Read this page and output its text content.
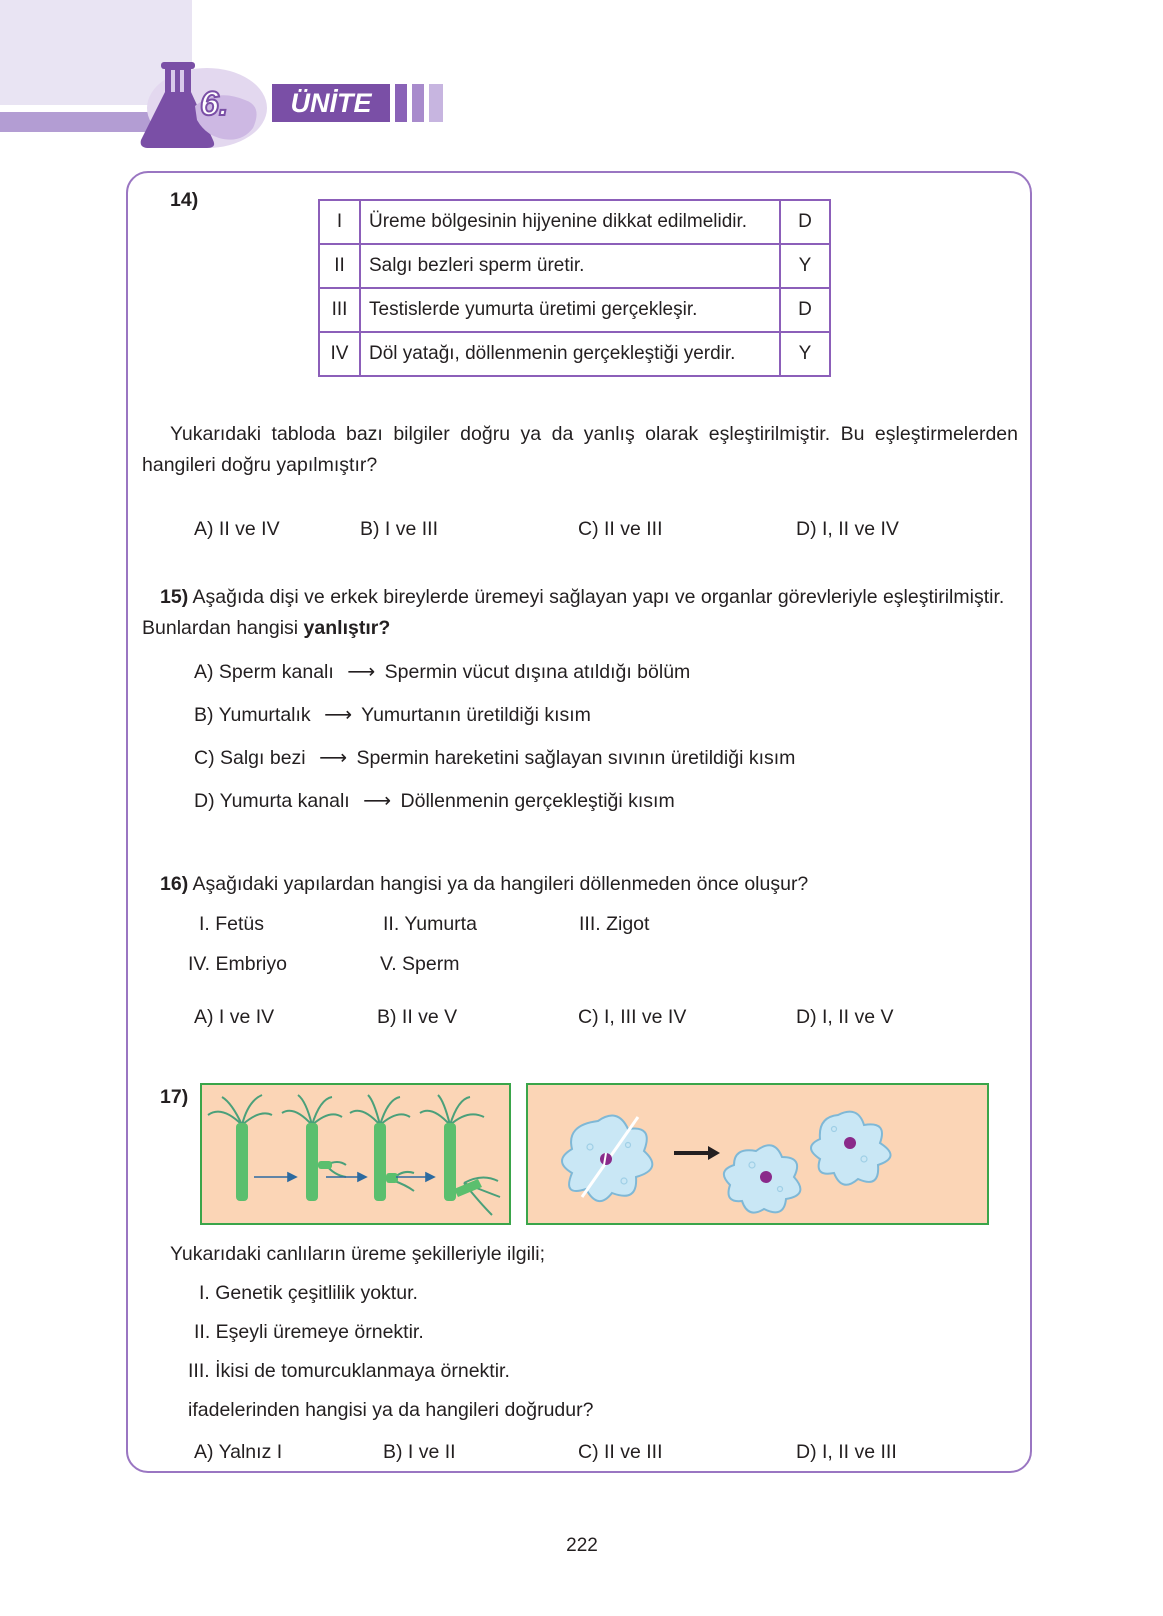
6.	ÜNİTE
14)
I	Üreme bölgesinin hijyenine dikkat edilmelidir.	D
II	Salgı bezleri sperm üretir.	Y
III	Testislerde yumurta üretimi gerçekleşir.	D
IV	Döl yatağı, döllenmenin gerçekleştiği yerdir.	Y
Yukarıdaki tabloda bazı bilgiler doğru ya da yanlış olarak eşleştirilmiştir. Bu eşleştirmelerden
hangileri doğru yapılmıştır?
A) II ve IV	B) I ve III	C) II ve III	D) I, II ve IV
15) Aşağıda dişi ve erkek bireylerde üremeyi sağlayan yapı ve organlar görevleriyle eşleştirilmiştir.
Bunlardan hangisi yanlıştır?
A) Sperm kanalı ⟶ Spermin vücut dışına atıldığı bölüm
B) Yumurtalık ⟶ Yumurtanın üretildiği kısım
C) Salgı bezi ⟶ Spermin hareketini sağlayan sıvının üretildiği kısım
D) Yumurta kanalı ⟶ Döllenmenin gerçekleştiği kısım
16) Aşağıdaki yapılardan hangisi ya da hangileri döllenmeden önce oluşur?
I. Fetüs	II. Yumurta	III. Zigot
IV. Embriyo	V. Sperm
A) I ve IV	B) II ve V	C) I, III ve IV	D) I, II ve V
17)
Yukarıdaki canlıların üreme şekilleriyle ilgili;
I. Genetik çeşitlilik yoktur.
II. Eşeyli üremeye örnektir.
III. İkisi de tomurcuklanmaya örnektir.
ifadelerinden hangisi ya da hangileri doğrudur?
A) Yalnız I	B) I ve II	C) II ve III	D) I, II ve III
222
